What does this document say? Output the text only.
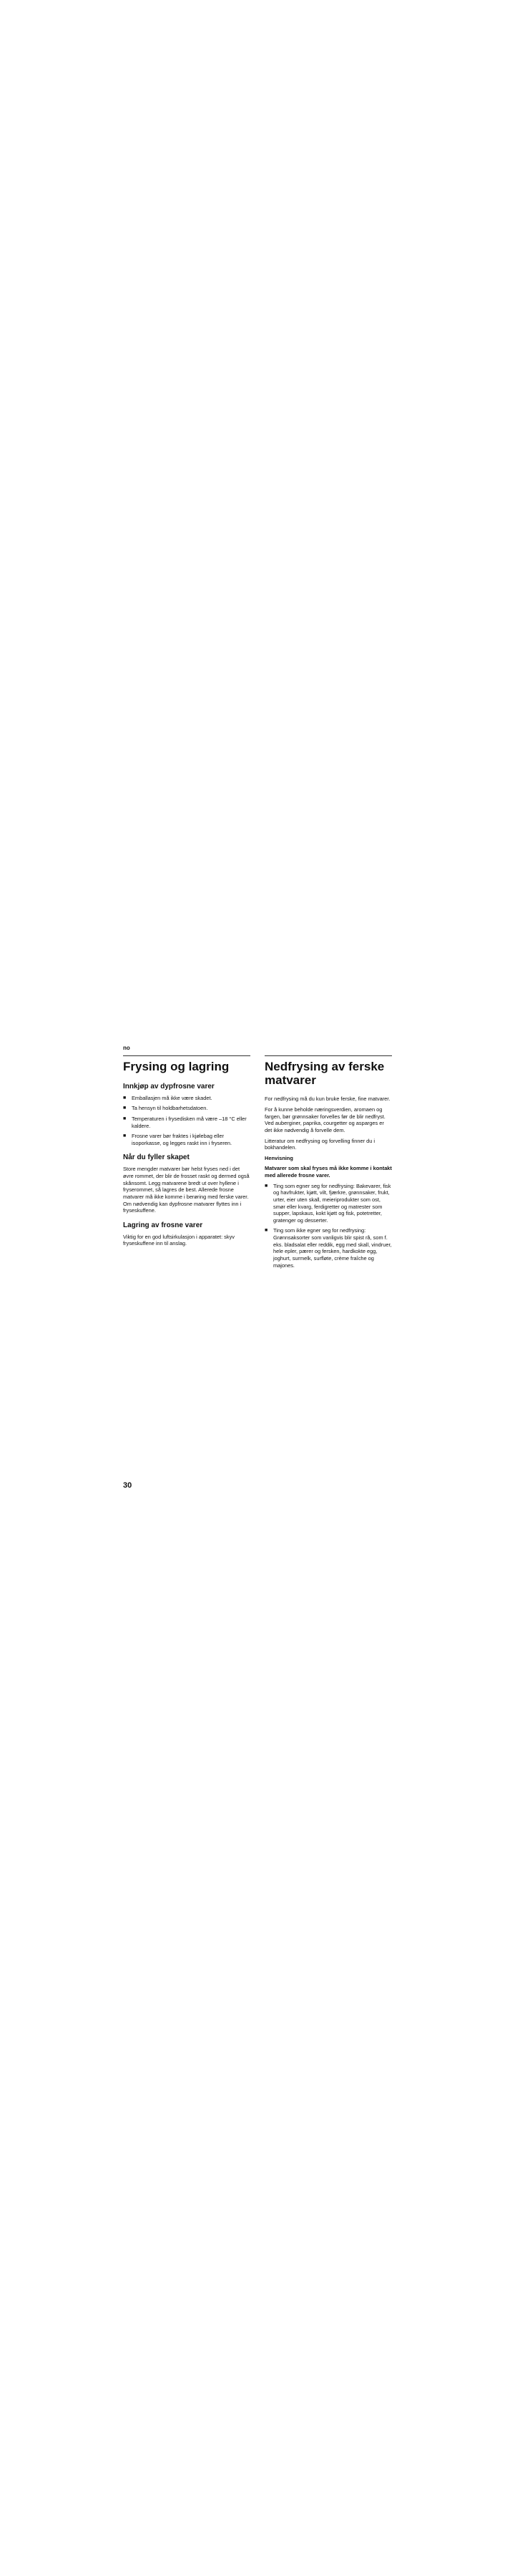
no
Frysing og lagring
Innkjøp av dypfrosne varer
■ Emballasjen må ikke være skadet.
■ Ta hensyn til holdbarhetsdatoen.
■ Temperaturen i frysedisken må være –18 °C eller kaldere.
■ Frosne varer bør fraktes i kjølebag eller isoporkasse, og legges raskt inn i fryseren.
Når du fyller skapet

Store mengder matvarer bør helst fryses ned i det øvre rommet, der blir de frosset raskt og dermed også skånsomt. Legg matvarene bredt ut over hyllene i fryserommet, så lagres de best. Allerede frosne matvarer må ikke komme i berøring med ferske varer. Om nødvendig kan dypfrosne matvarer flyttes inn i fryseskuffene.

Lagring av frosne varer

Viktig for en god luftsirkulasjon i apparatet: skyv fryseskuffene inn til anslag.

Nedfrysing av ferske matvarer

For nedfrysing må du kun bruke ferske, fine matvarer.

For å kunne beholde næringsverdien, aromaen og fargen, bør grønnsaker forvelles før de blir nedfryst. Ved auberginer, paprika, courgetter og asparges er det ikke nødvendig å forvelle dem.

Litteratur om nedfrysing og forvelling finner du i bokhandelen.

Henvisning

Matvarer som skal fryses må ikke komme i kontakt med allerede frosne varer.

■ Ting som egner seg for nedfrysing: Bakevarer, fisk og havfrukter, kjøtt, vilt, fjærkre, grønnsaker, frukt, urter, eier uten skall, meieriprodukter som ost, smør eller kvarg, ferdigretter og matrester som supper, lapskaus, kokt kjøtt og fisk, potetretter, gratenger og desserter.
■ Ting som ikke egner seg for nedfrysing: Grønnsaksorter som vanligvis blir spist rå, som f. eks. bladsalat eller reddik, egg med skall, vindruer, hele epler, pærer og fersken, hardkokte egg, joghurt, surmelk, surfløte, crème fraîche og majones.
30
